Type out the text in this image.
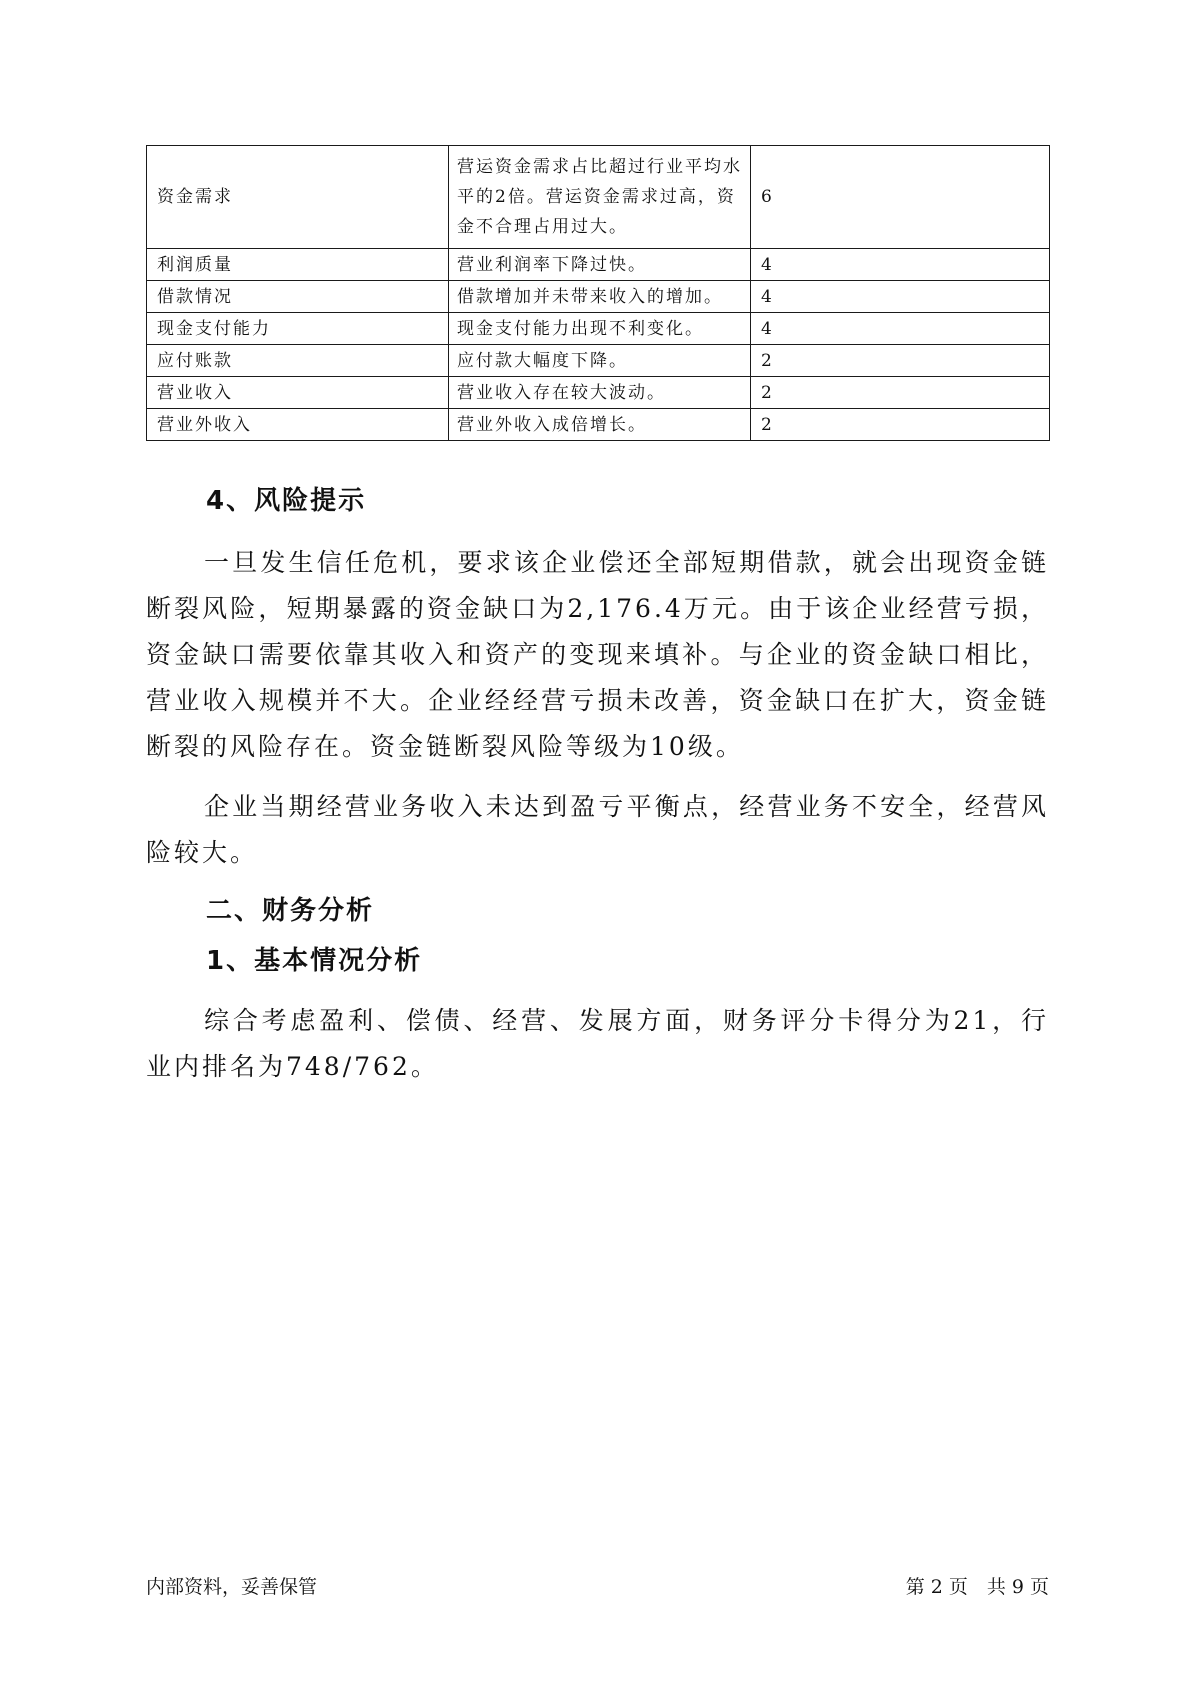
资金需求	营运资金需求占比超过行业平均水平的2倍。营运资金需求过高，资金不合理占用过大。	6
利润质量	营业利润率下降过快。	4
借款情况	借款增加并未带来收入的增加。	4
现金支付能力	现金支付能力出现不利变化。	4
应付账款	应付款大幅度下降。	2
营业收入	营业收入存在较大波动。	2
营业外收入	营业外收入成倍增长。	2
4、风险提示

一旦发生信任危机，要求该企业偿还全部短期借款，就会出现资金链断裂风险，短期暴露的资金缺口为2,176.4万元。由于该企业经营亏损，资金缺口需要依靠其收入和资产的变现来填补。与企业的资金缺口相比，营业收入规模并不大。企业经经营亏损未改善，资金缺口在扩大，资金链断裂的风险存在。资金链断裂风险等级为10级。

企业当期经营业务收入未达到盈亏平衡点，经营业务不安全，经营风险较大。

二、财务分析
1、基本情况分析

综合考虑盈利、偿债、经营、发展方面，财务评分卡得分为21，行业内排名为748/762。

内部资料，妥善保管	第 2 页　共 9 页
